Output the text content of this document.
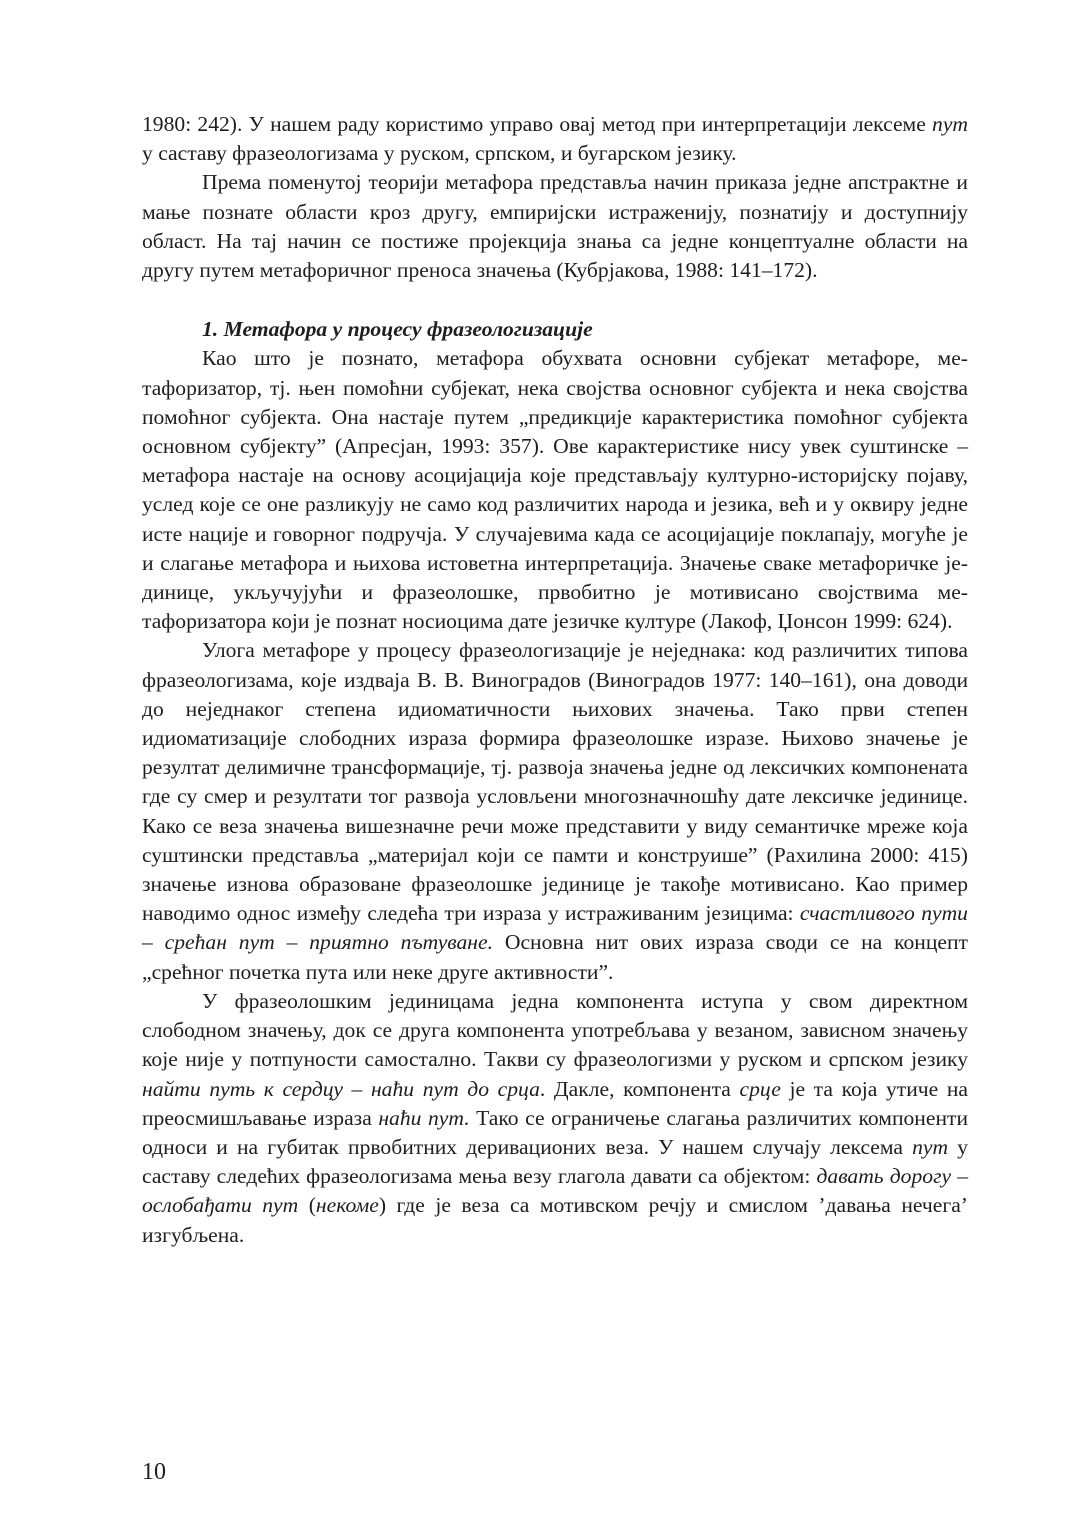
1980: 242). У нашем раду користимо управо овај метод при интерпретацији лексеме пут у саставу фразеологизама у руском, српском, и бугарском језику.

Према поменутој теорији метафора представља начин приказа једне апстрактне и мање познате области кроз другу, емпиријски истраженију, познатију и доступнију област. На тај начин се постиже пројекција знања са једне концептуалне области на другу путем метафоричног преноса значења (Кубрјакова, 1988: 141–172).

1. Метафора у процесу фразеологизације

Као што је познато, метафора обухвата основни субјекат метафоре, метафоризатор, тј. њен помоћни субјекат, нека својства основног субјекта и нека својства помоћног субјекта. Она настаје путем „предикције карактеристика помоћног субјекта основном субјекту” (Апресјан, 1993: 357). Ове карактеристике нису увек суштинске – метафора настаје на основу асоцијација које представљају културно-историјску појаву, услед које се оне разликују не само код различитих народа и језика, већ и у оквиру једне исте нације и говорног подручја. У случајевима када се асоцијације поклапају, могуће је и слагање метафора и њихова истоветна интерпретација. Значење сваке метафоричке јединице, укључујући и фразеолошке, првобитно је мотивисано својствима метафоризатора који је познат носиоцима дате језичке културе (Лакоф, Џонсон 1999: 624).

Улога метафоре у процесу фразеологизације је неједнака: код различитих типова фразеологизама, које издваја В. В. Виноградов (Виноградов 1977: 140–161), она доводи до неједнаког степена идиоматичности њихових значења. Тако први степен идиоматизације слободних израза формира фразеолошке изразе. Њихово значење је резултат делимичне трансформације, тј. развоја значења једне од лексичких компонената где су смер и резултати тог развоја условљени многозначношћу дате лексичке јединице. Како се веза значења вишезначне речи може представити у виду семантичке мреже која суштински представља „материјал који се памти и конструише” (Рахилина 2000: 415) значење изнова образоване фразеолошке јединице је такође мотивисано. Као пример наводимо однос између следећа три израза у истраживаним језицима: счастливого пути – срећан пут – приятно пътуване. Основна нит ових израза своди се на концепт „срећног почетка пута или неке друге активности”.

У фразеолошким јединицама једна компонента иступа у свом директном слободном значењу, док се друга компонента употребљава у везаном, зависном значењу које није у потпуности самостално. Такви су фразеологизми у руском и српском језику найти путь к сердцу – наћи пут до срца. Дакле, компонента срце је та која утиче на преосмишљавање израза наћи пут. Тако се ограничење слагања различитих компоненти односи и на губитак првобитних деривационих веза. У нашем случају лексема пут у саставу следећих фразеологизама мења везу глагола давати са објектом: давать дорогу – ослобађати пут (некоме) где је веза са мотивском речју и смислом ’давања нечега’ изгубљена.

10
